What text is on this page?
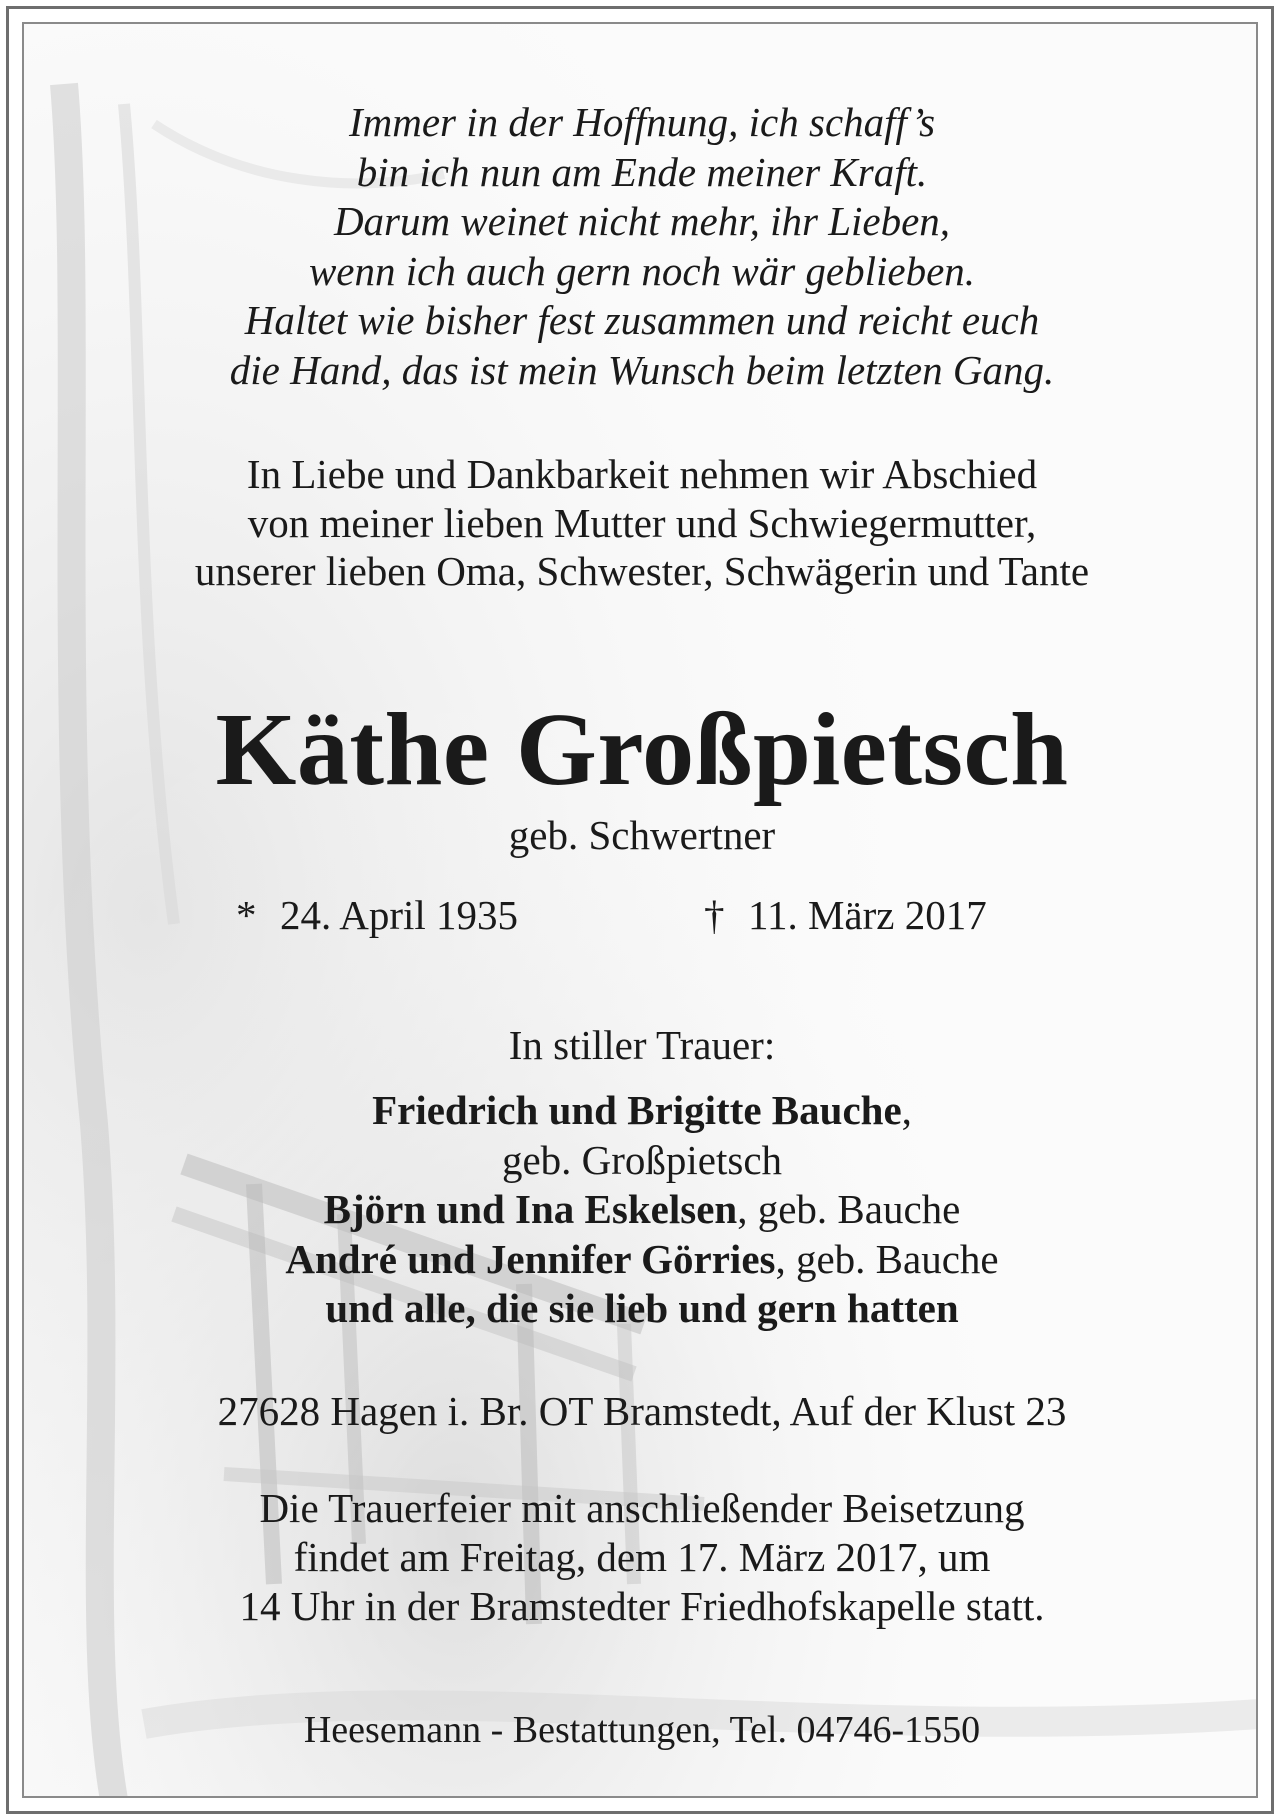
Immer in der Hoffnung, ich schaff’s
bin ich nun am Ende meiner Kraft.
Darum weinet nicht mehr, ihr Lieben,
wenn ich auch gern noch wär geblieben.
Haltet wie bisher fest zusammen und reicht euch
die Hand, das ist mein Wunsch beim letzten Gang.
In Liebe und Dankbarkeit nehmen wir Abschied
von meiner lieben Mutter und Schwiegermutter,
unserer lieben Oma, Schwester, Schwägerin und Tante
Käthe Großpietsch
geb. Schwertner
* 24. April 1935	† 11. März 2017
In stiller Trauer:
Friedrich und Brigitte Bauche,
geb. Großpietsch
Björn und Ina Eskelsen, geb. Bauche
André und Jennifer Görries, geb. Bauche
und alle, die sie lieb und gern hatten
27628 Hagen i. Br. OT Bramstedt, Auf der Klust 23
Die Trauerfeier mit anschließender Beisetzung
findet am Freitag, dem 17. März 2017, um
14 Uhr in der Bramstedter Friedhofskapelle statt.
Heesemann - Bestattungen, Tel. 04746-1550
